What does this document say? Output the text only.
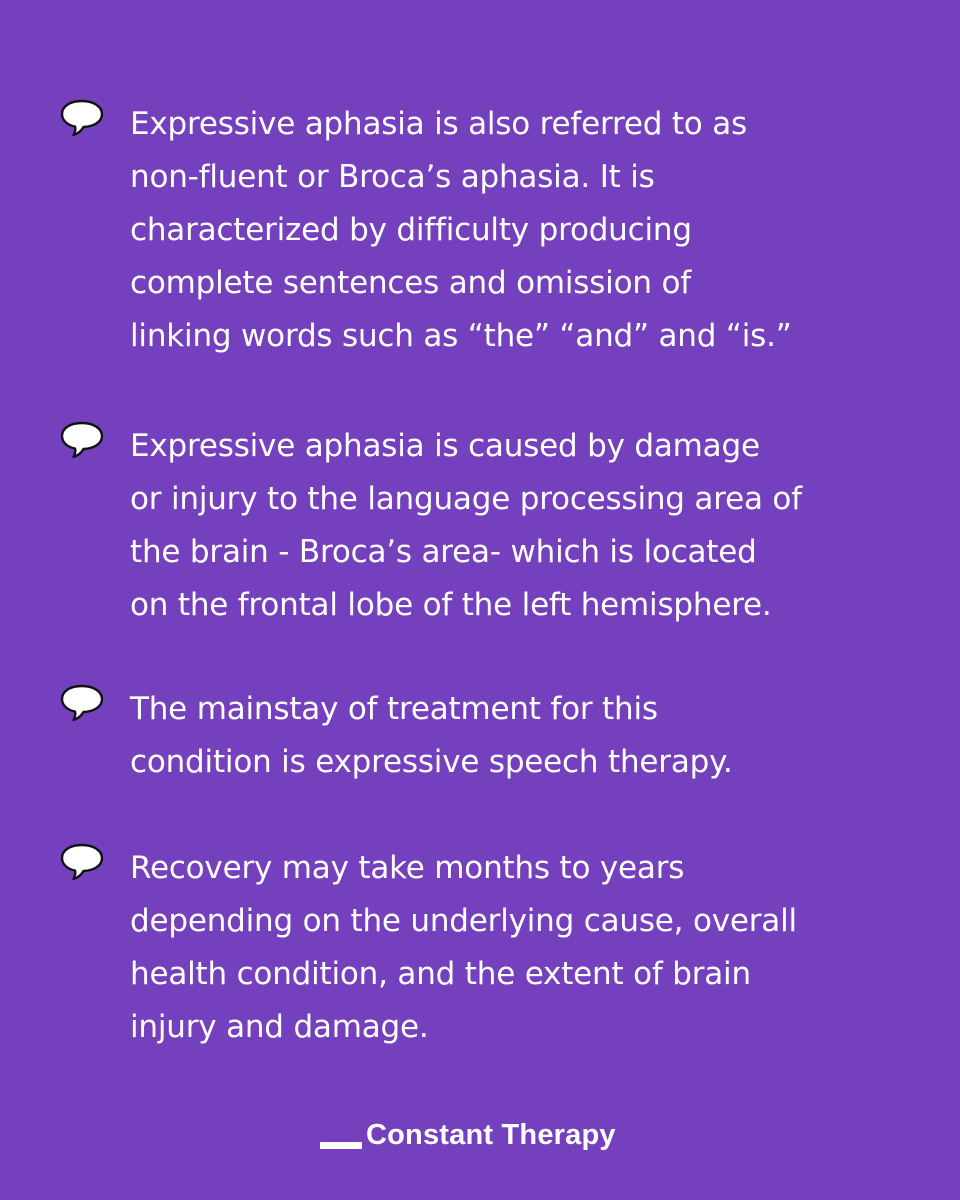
Expressive aphasia is also referred to as
non-fluent or Broca’s aphasia. It is
characterized by difficulty producing
complete sentences and omission of
linking words such as “the” “and” and “is.”

Expressive aphasia is caused by damage
or injury to the language processing area of
the brain - Broca’s area- which is located
on the frontal lobe of the left hemisphere.

The mainstay of treatment for this
condition is expressive speech therapy.

Recovery may take months to years
depending on the underlying cause, overall
health condition, and the extent of brain
injury and damage.

Constant Therapy
